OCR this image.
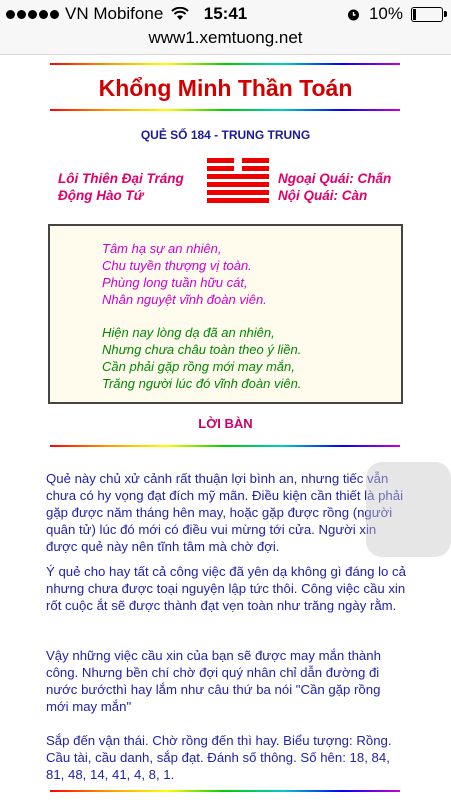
VN Mobifone	15:41	10%
www1.xemtuong.net
Khổng Minh Thần Toán
QUẺ SỐ 184 - TRUNG TRUNG
Lôi Thiên Đại Tráng
Động Hào Tứ
Ngoại Quái: Chấn
Nội Quái: Càn
Tâm hạ sự an nhiên,
Chu tuyền thượng vị toàn.
Phùng long tuần hữu cát,
Nhân nguyệt vĩnh đoàn viên.
Hiện nay lòng dạ đã an nhiên,
Nhưng chưa châu toàn theo ý liền.
Cần phải gặp rồng mới may mắn,
Trăng người lúc đó vĩnh đoàn viên.
LỜI BÀN
Quẻ này chủ xử cảnh rất thuận lợi bình an, nhưng tiếc vẫn chưa có hy vọng đạt đích mỹ mãn. Điều kiện cần thiết là phải gặp được năm tháng hên may, hoặc gặp được rồng (người quân tử) lúc đó mới có điều vui mừng tới cửa. Người xin được quẻ này nên tĩnh tâm mà chờ đợi.
Ý quẻ cho hay tất cả công việc đã yên dạ không gì đáng lo cả nhưng chưa được toại nguyện lập tức thôi. Công việc cầu xin rốt cuộc ắt sẽ được thành đạt vẹn toàn như trăng ngày rằm.
Vậy những việc cầu xin của bạn sẽ được may mắn thành công. Nhưng bền chí chờ đợi quý nhân chỉ dẫn đường đi nước bướcthì hay lắm như câu thứ ba nói "Cần gặp rồng mới may mắn"
Sắp đến vận thái. Chờ rồng đến thì hay. Biểu tượng: Rồng. Cầu tài, cầu danh, sắp đạt. Đánh số thông. Số hên: 18, 84, 81, 48, 14, 41, 4, 8, 1.
